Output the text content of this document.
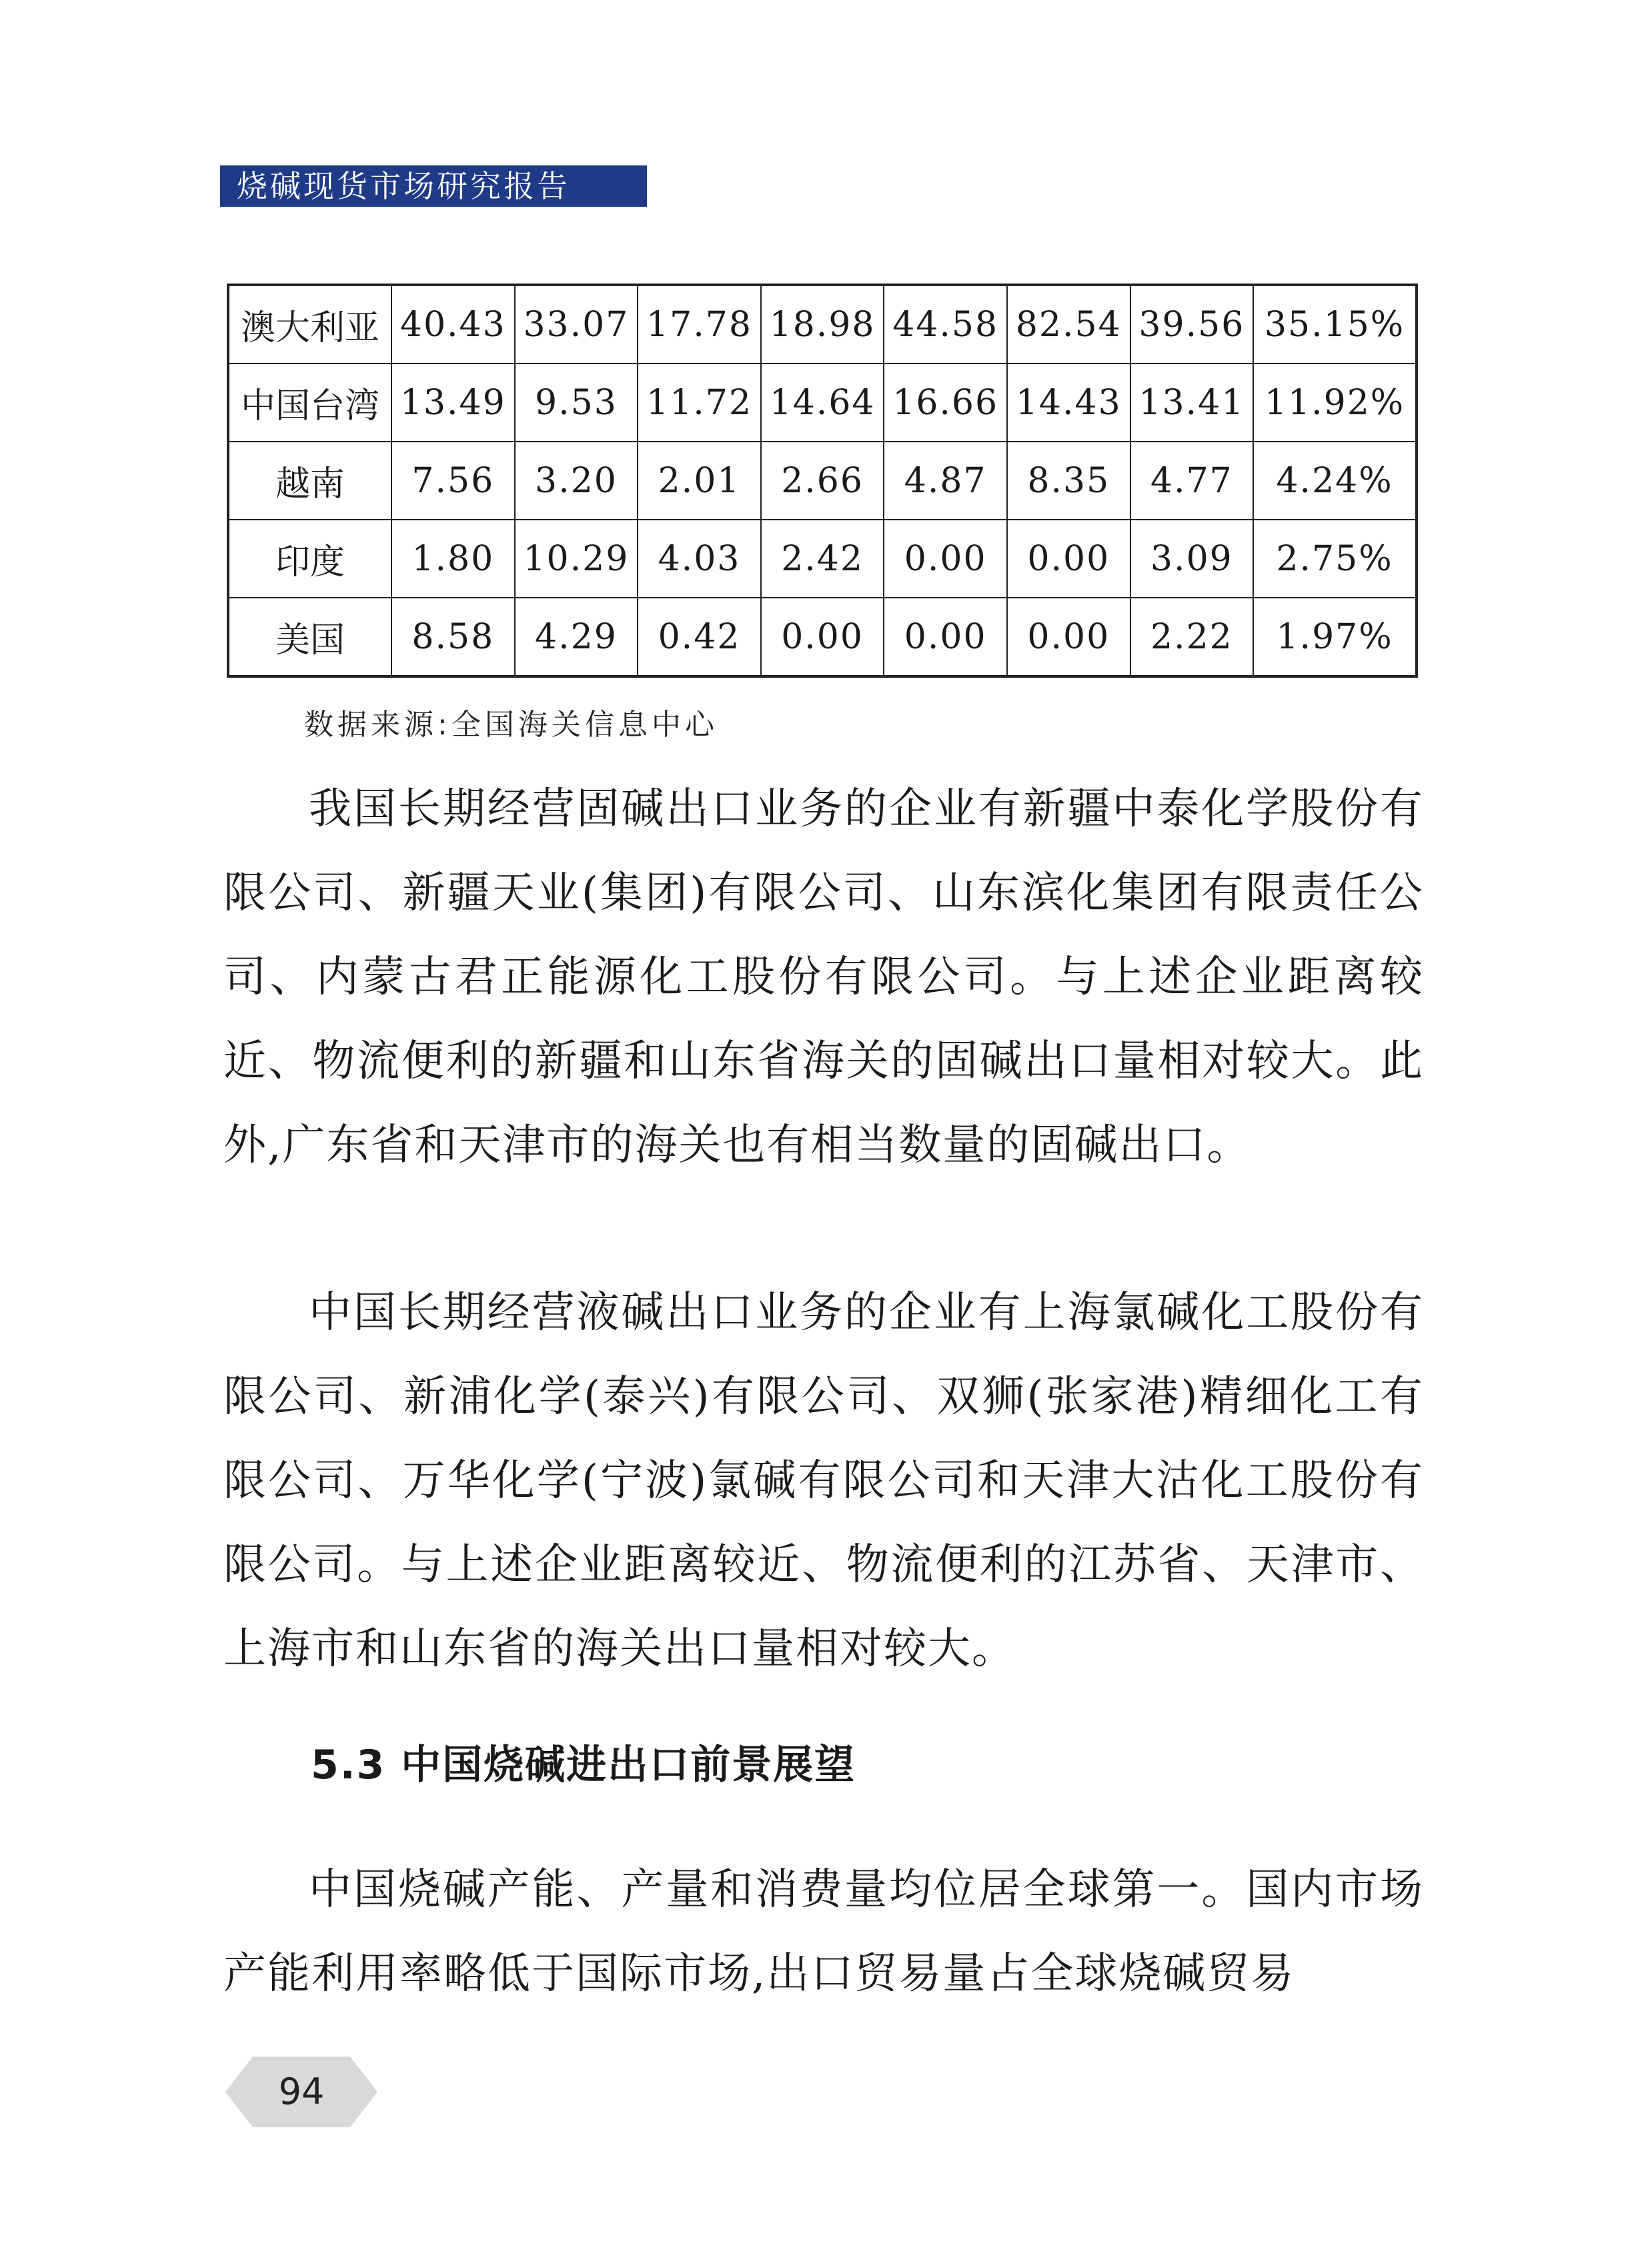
烧碱现货市场研究报告
澳大利亚	40.43	33.07	17.78	18.98	44.58	82.54	39.56	35.15%
中国台湾	13.49	9.53	11.72	14.64	16.66	14.43	13.41	11.92%
越南	7.56	3.20	2.01	2.66	4.87	8.35	4.77	4.24%
印度	1.80	10.29	4.03	2.42	0.00	0.00	3.09	2.75%
美国	8.58	4.29	0.42	0.00	0.00	0.00	2.22	1.97%
数据来源:全国海关信息中心

我国长期经营固碱出口业务的企业有新疆中泰化学股份有限公司、新疆天业(集团)有限公司、山东滨化集团有限责任公司、内蒙古君正能源化工股份有限公司。与上述企业距离较近、物流便利的新疆和山东省海关的固碱出口量相对较大。此外,广东省和天津市的海关也有相当数量的固碱出口。

中国长期经营液碱出口业务的企业有上海氯碱化工股份有限公司、新浦化学(泰兴)有限公司、双狮(张家港)精细化工有限公司、万华化学(宁波)氯碱有限公司和天津大沽化工股份有限公司。与上述企业距离较近、物流便利的江苏省、天津市、上海市和山东省的海关出口量相对较大。

5.3 中国烧碱进出口前景展望

中国烧碱产能、产量和消费量均位居全球第一。国内市场产能利用率略低于国际市场,出口贸易量占全球烧碱贸易

94
